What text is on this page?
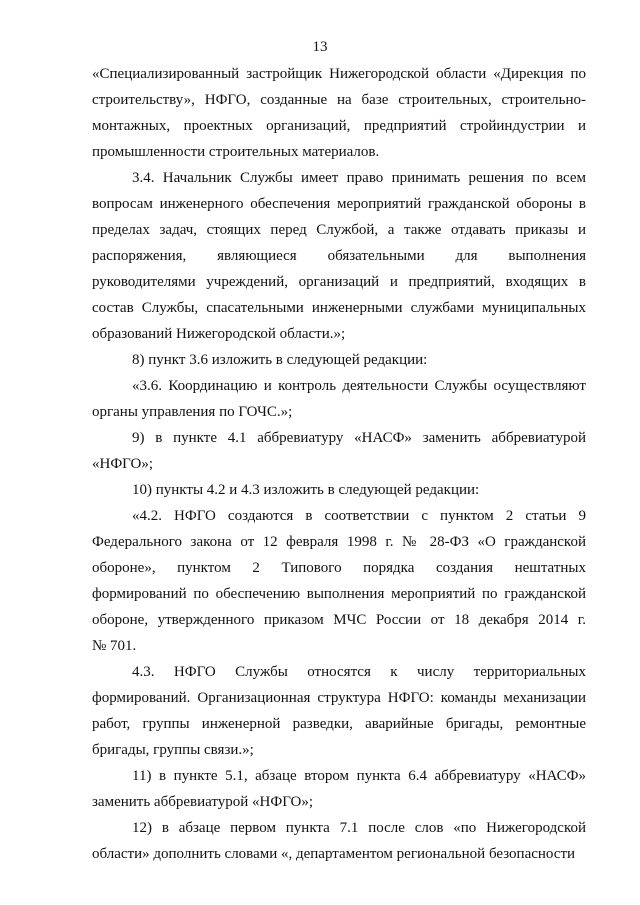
13

«Специализированный застройщик Нижегородской области «Дирекция по
строительству», НФГО, созданные на базе строительных, строительно-
монтажных, проектных организаций, предприятий стройиндустрии и
промышленности строительных материалов.

3.4. Начальник Службы имеет право принимать решения по всем
вопросам инженерного обеспечения мероприятий гражданской обороны в
пределах задач, стоящих перед Службой, а также отдавать приказы и
распоряжения, являющиеся обязательными для выполнения
руководителями учреждений, организаций и предприятий, входящих в
состав Службы, спасательными инженерными службами муниципальных
образований Нижегородской области.»;

8) пункт 3.6 изложить в следующей редакции:

«3.6. Координацию и контроль деятельности Службы осуществляют
органы управления по ГОЧС.»;

9) в пункте 4.1 аббревиатуру «НАСФ» заменить аббревиатурой
«НФГО»;

10) пункты 4.2 и 4.3 изложить в следующей редакции:

«4.2. НФГО создаются в соответствии с пунктом 2 статьи 9
Федерального закона от 12 февраля 1998 г. № 28-ФЗ «О гражданской
обороне», пунктом 2 Типового порядка создания нештатных
формирований по обеспечению выполнения мероприятий по гражданской
обороне, утвержденного приказом МЧС России от 18 декабря 2014 г.
№ 701.

4.3. НФГО Службы относятся к числу территориальных
формирований. Организационная структура НФГО: команды механизации
работ, группы инженерной разведки, аварийные бригады, ремонтные
бригады, группы связи.»;

11) в пункте 5.1, абзаце втором пункта 6.4 аббревиатуру «НАСФ»
заменить аббревиатурой «НФГО»;

12) в абзаце первом пункта 7.1 после слов «по Нижегородской
области» дополнить словами «, департаментом региональной безопасности
